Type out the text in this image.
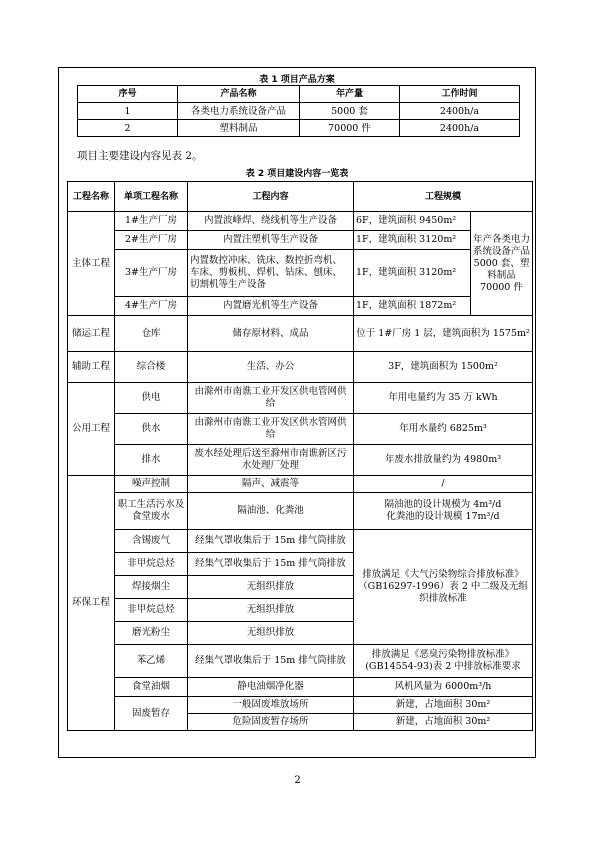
表 1 项目产品方案
序号	产品名称	年产量	工作时间
1	各类电力系统设备产品	5000 套	2400h/a
2	塑料制品	70000 件	2400h/a
项目主要建设内容见表 2。
表 2 项目建设内容一览表
工程名称	单项工程名称	工程内容	工程规模	
主体工程	1#生产厂房	内置波峰焊、绕线机等生产设备	6F，建筑面积 9450m²	年产各类电力系统设备产品 5000 套、塑料制品 70000 件
	2#生产厂房	内置注塑机等生产设备	1F，建筑面积 3120m²	
	3#生产厂房	内置数控冲床、铣床、数控折弯机、车床、剪板机、焊机、钻床、刨床、切割机等生产设备	1F，建筑面积 3120m²	
	4#生产厂房	内置磨光机等生产设备	1F，建筑面积 1872m²	
储运工程	仓库	储存原材料、成品	位于 1#厂房 1 层，建筑面积为 1575m²	
辅助工程	综合楼	生活、办公	3F，建筑面积为 1500m²	
公用工程	供电	由滁州市南谯工业开发区供电管网供给	年用电量约为 35 万 kWh	
	供水	由滁州市南谯工业开发区供水管网供给	年用水量约 6825m³	
	排水	废水经处理后送至滁州市南谯新区污水处理厂处理	年废水排放量约为 4980m³	
环保工程	噪声控制	隔声、减震等	/	
	职工生活污水及食堂废水	隔油池、化粪池	隔油池的设计规模为 4m³/d
化粪池的设计规模 17m³/d	

	含锡废气	经集气罩收集后于 15m 排气筒排放	排放满足《大气污染物综合排放标准》（GB16297-1996）表 2 中二级及无组织排放标准	
	非甲烷总烃	经集气罩收集后于 15m 排气筒排放		
	焊接烟尘	无组织排放		
	非甲烷总烃	无组织排放		
	磨光粉尘	无组织排放		
	苯乙烯	经集气罩收集后于 15m 排气筒排放	排放满足《恶臭污染物排放标准》(GB14554-93)表 2 中排放标准要求	
	食堂油烟	静电油烟净化器	风机风量为 6000m³/h	
	固废暂存	一般固废堆放场所	新建，占地面积 30m²	
		危险固废暂存场所	新建，占地面积 30m²	
2
